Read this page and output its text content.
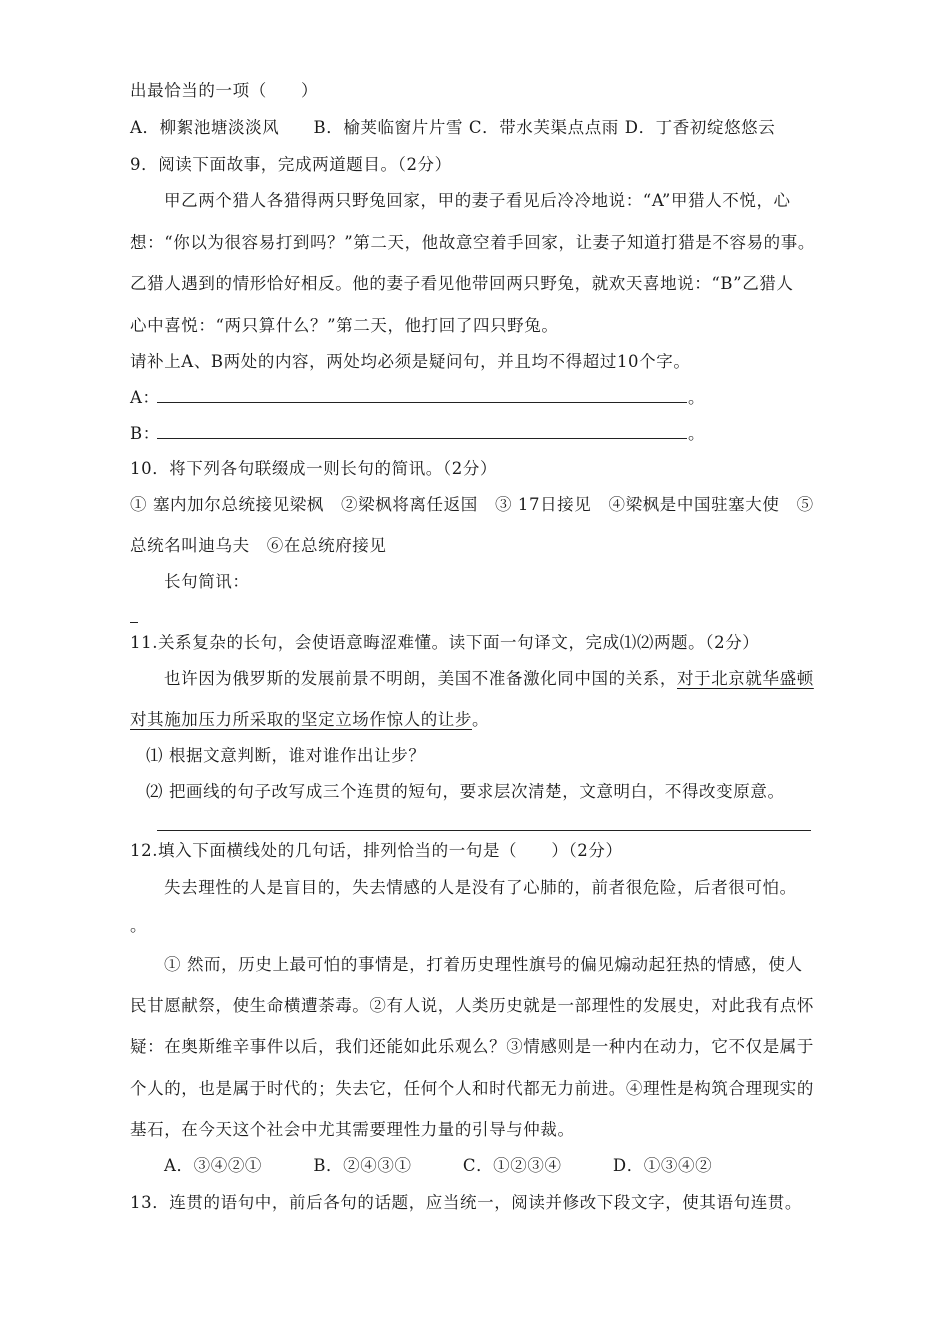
出最恰当的一项（　　）
A．柳絮池塘淡淡风　　B．榆荚临窗片片雪 C．带水芙渠点点雨 D．丁香初绽悠悠云
9．阅读下面故事，完成两道题目。（2分）
甲乙两个猎人各猎得两只野兔回家，甲的妻子看见后冷冷地说：“A”甲猎人不悦，心
想：“你以为很容易打到吗？”第二天，他故意空着手回家，让妻子知道打猎是不容易的事。
乙猎人遇到的情形恰好相反。他的妻子看见他带回两只野兔，就欢天喜地说：“B”乙猎人
心中喜悦：“两只算什么？”第二天，他打回了四只野兔。
请补上A、B两处的内容，两处均必须是疑问句，并且均不得超过10个字。
A：	。
B：	。
10．将下列各句联缀成一则长句的简讯。（2分）
① 塞内加尔总统接见梁枫　②梁枫将离任返国　③ 17日接见　④梁枫是中国驻塞大使　⑤
总统名叫迪乌夫　⑥在总统府接见
长句简讯：
11.关系复杂的长句，会使语意晦涩难懂。读下面一句译文，完成⑴⑵两题。（2分）
也许因为俄罗斯的发展前景不明朗，美国不准备激化同中国的关系，对于北京就华盛顿
对其施加压力所采取的坚定立场作惊人的让步。
⑴ 根据文意判断，谁对谁作出让步？
⑵ 把画线的句子改写成三个连贯的短句，要求层次清楚，文意明白，不得改变原意。
12.填入下面横线处的几句话，排列恰当的一句是（　　）（2分）
失去理性的人是盲目的，失去情感的人是没有了心肺的，前者很危险，后者很可怕。
。
① 然而，历史上最可怕的事情是，打着历史理性旗号的偏见煽动起狂热的情感，使人
民甘愿献祭，使生命横遭荼毒。②有人说，人类历史就是一部理性的发展史，对此我有点怀
疑：在奥斯维辛事件以后，我们还能如此乐观么？③情感则是一种内在动力，它不仅是属于
个人的，也是属于时代的；失去它，任何个人和时代都无力前进。④理性是构筑合理现实的
基石，在今天这个社会中尤其需要理性力量的引导与仲裁。
A．③④②①　　　B．②④③①　　　C．①②③④　　　D．①③④②
13．连贯的语句中，前后各句的话题，应当统一，阅读并修改下段文字，使其语句连贯。
